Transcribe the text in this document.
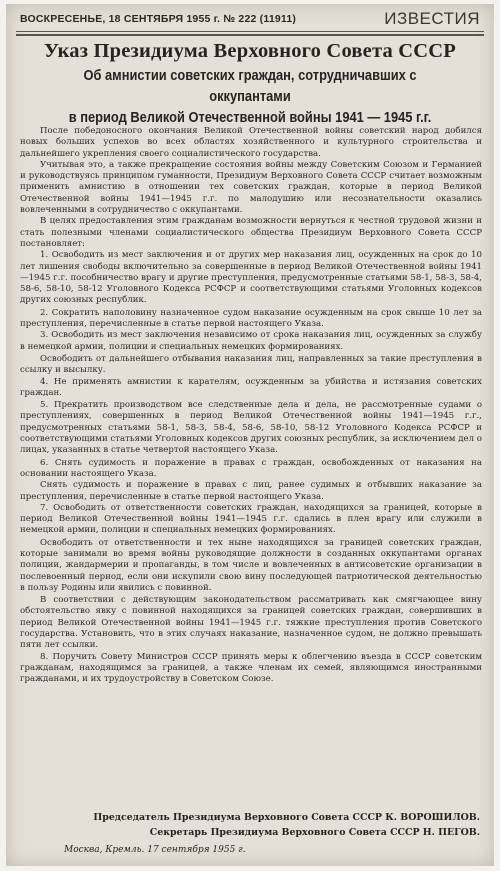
ВОСКРЕСЕНЬЕ, 18 СЕНТЯБРЯ 1955 г. № 222 (11911)	ИЗВЕСТИЯ
Указ Президиума Верховного Совета СССР
Об амнистии советских граждан, сотрудничавших с оккупантами
в период Великой Отечественной войны 1941 — 1945 г.г.

После победоносного окончания Великой Отечественной войны советский народ добился новых больших успехов во всех областях хозяйственного и культурного строительства и дальнейшего укрепления своего социалистического государства.

Учитывая это, а также прекращение состояния войны между Советским Союзом и Германией и руководствуясь принципом гуманности, Президиум Верховного Совета СССР считает возможным применить амнистию в отношении тех советских граждан, которые в период Великой Отечественной войны 1941—1945 г.г. по малодушию или несознательности оказались вовлеченными в сотрудничество с оккупантами.

В целях предоставления этим гражданам возможности вернуться к честной трудовой жизни и стать полезными членами социалистического общества Президиум Верховного Совета СССР постановляет:

1. Освободить из мест заключения и от других мер наказания лиц, осужденных на срок до 10 лет лишения свободы включительно за совершенные в период Великой Отечественной войны 1941—1945 г.г. пособничество врагу и другие преступления, предусмотренные статьями 58-1, 58-3, 58-4, 58-6, 58-10, 58-12 Уголовного Кодекса РСФСР и соответствующими статьями Уголовных кодексов других союзных республик.

2. Сократить наполовину назначенное судом наказание осужденным на срок свыше 10 лет за преступления, перечисленные в статье первой настоящего Указа.

3. Освободить из мест заключения независимо от срока наказания лиц, осужденных за службу в немецкой армии, полиции и специальных немецких формированиях.

Освободить от дальнейшего отбывания наказания лиц, направленных за такие преступления в ссылку и высылку.

4. Не применять амнистии к карателям, осужденным за убийства и истязания советских граждан.

5. Прекратить производством все следственные дела и дела, не рассмотренные судами о преступлениях, совершенных в период Великой Отечественной войны 1941—1945 г.г., предусмотренных статьями 58-1, 58-3, 58-4, 58-6, 58-10, 58-12 Уголовного Кодекса РСФСР и соответствующими статьями Уголовных кодексов других союзных республик, за исключением дел о лицах, указанных в статье четвертой настоящего Указа.

6. Снять судимость и поражение в правах с граждан, освобожденных от наказания на основании настоящего Указа.

Снять судимость и поражение в правах с лиц, ранее судимых и отбывших наказание за преступления, перечисленные в статье первой настоящего Указа.

7. Освободить от ответственности советских граждан, находящихся за границей, которые в период Великой Отечественной войны 1941—1945 г.г. сдались в плен врагу или служили в немецкой армии, полиции и специальных немецких формированиях.

Освободить от ответственности и тех ныне находящихся за границей советских граждан, которые занимали во время войны руководящие должности в созданных оккупантами органах полиции, жандармерии и пропаганды, в том числе и вовлеченных в антисоветские организации в послевоенный период, если они искупили свою вину последующей патриотической деятельностью в пользу Родины или явились с повинной.

В соответствии с действующим законодательством рассматривать как смягчающее вину обстоятельство явку с повинной находящихся за границей советских граждан, совершивших в период Великой Отечественной войны 1941—1945 г.г. тяжкие преступления против Советского государства. Установить, что в этих случаях наказание, назначенное судом, не должно превышать пяти лет ссылки.

8. Поручить Совету Министров СССР принять меры к облегчению въезда в СССР советским гражданам, находящимся за границей, а также членам их семей, являющимся иностранными гражданами, и их трудоустройству в Советском Союзе.

Председатель Президиума Верховного Совета СССР К. ВОРОШИЛОВ.
Секретарь Президиума Верховного Совета СССР Н. ПЕГОВ.
Москва, Кремль. 17 сентября 1955 г.
